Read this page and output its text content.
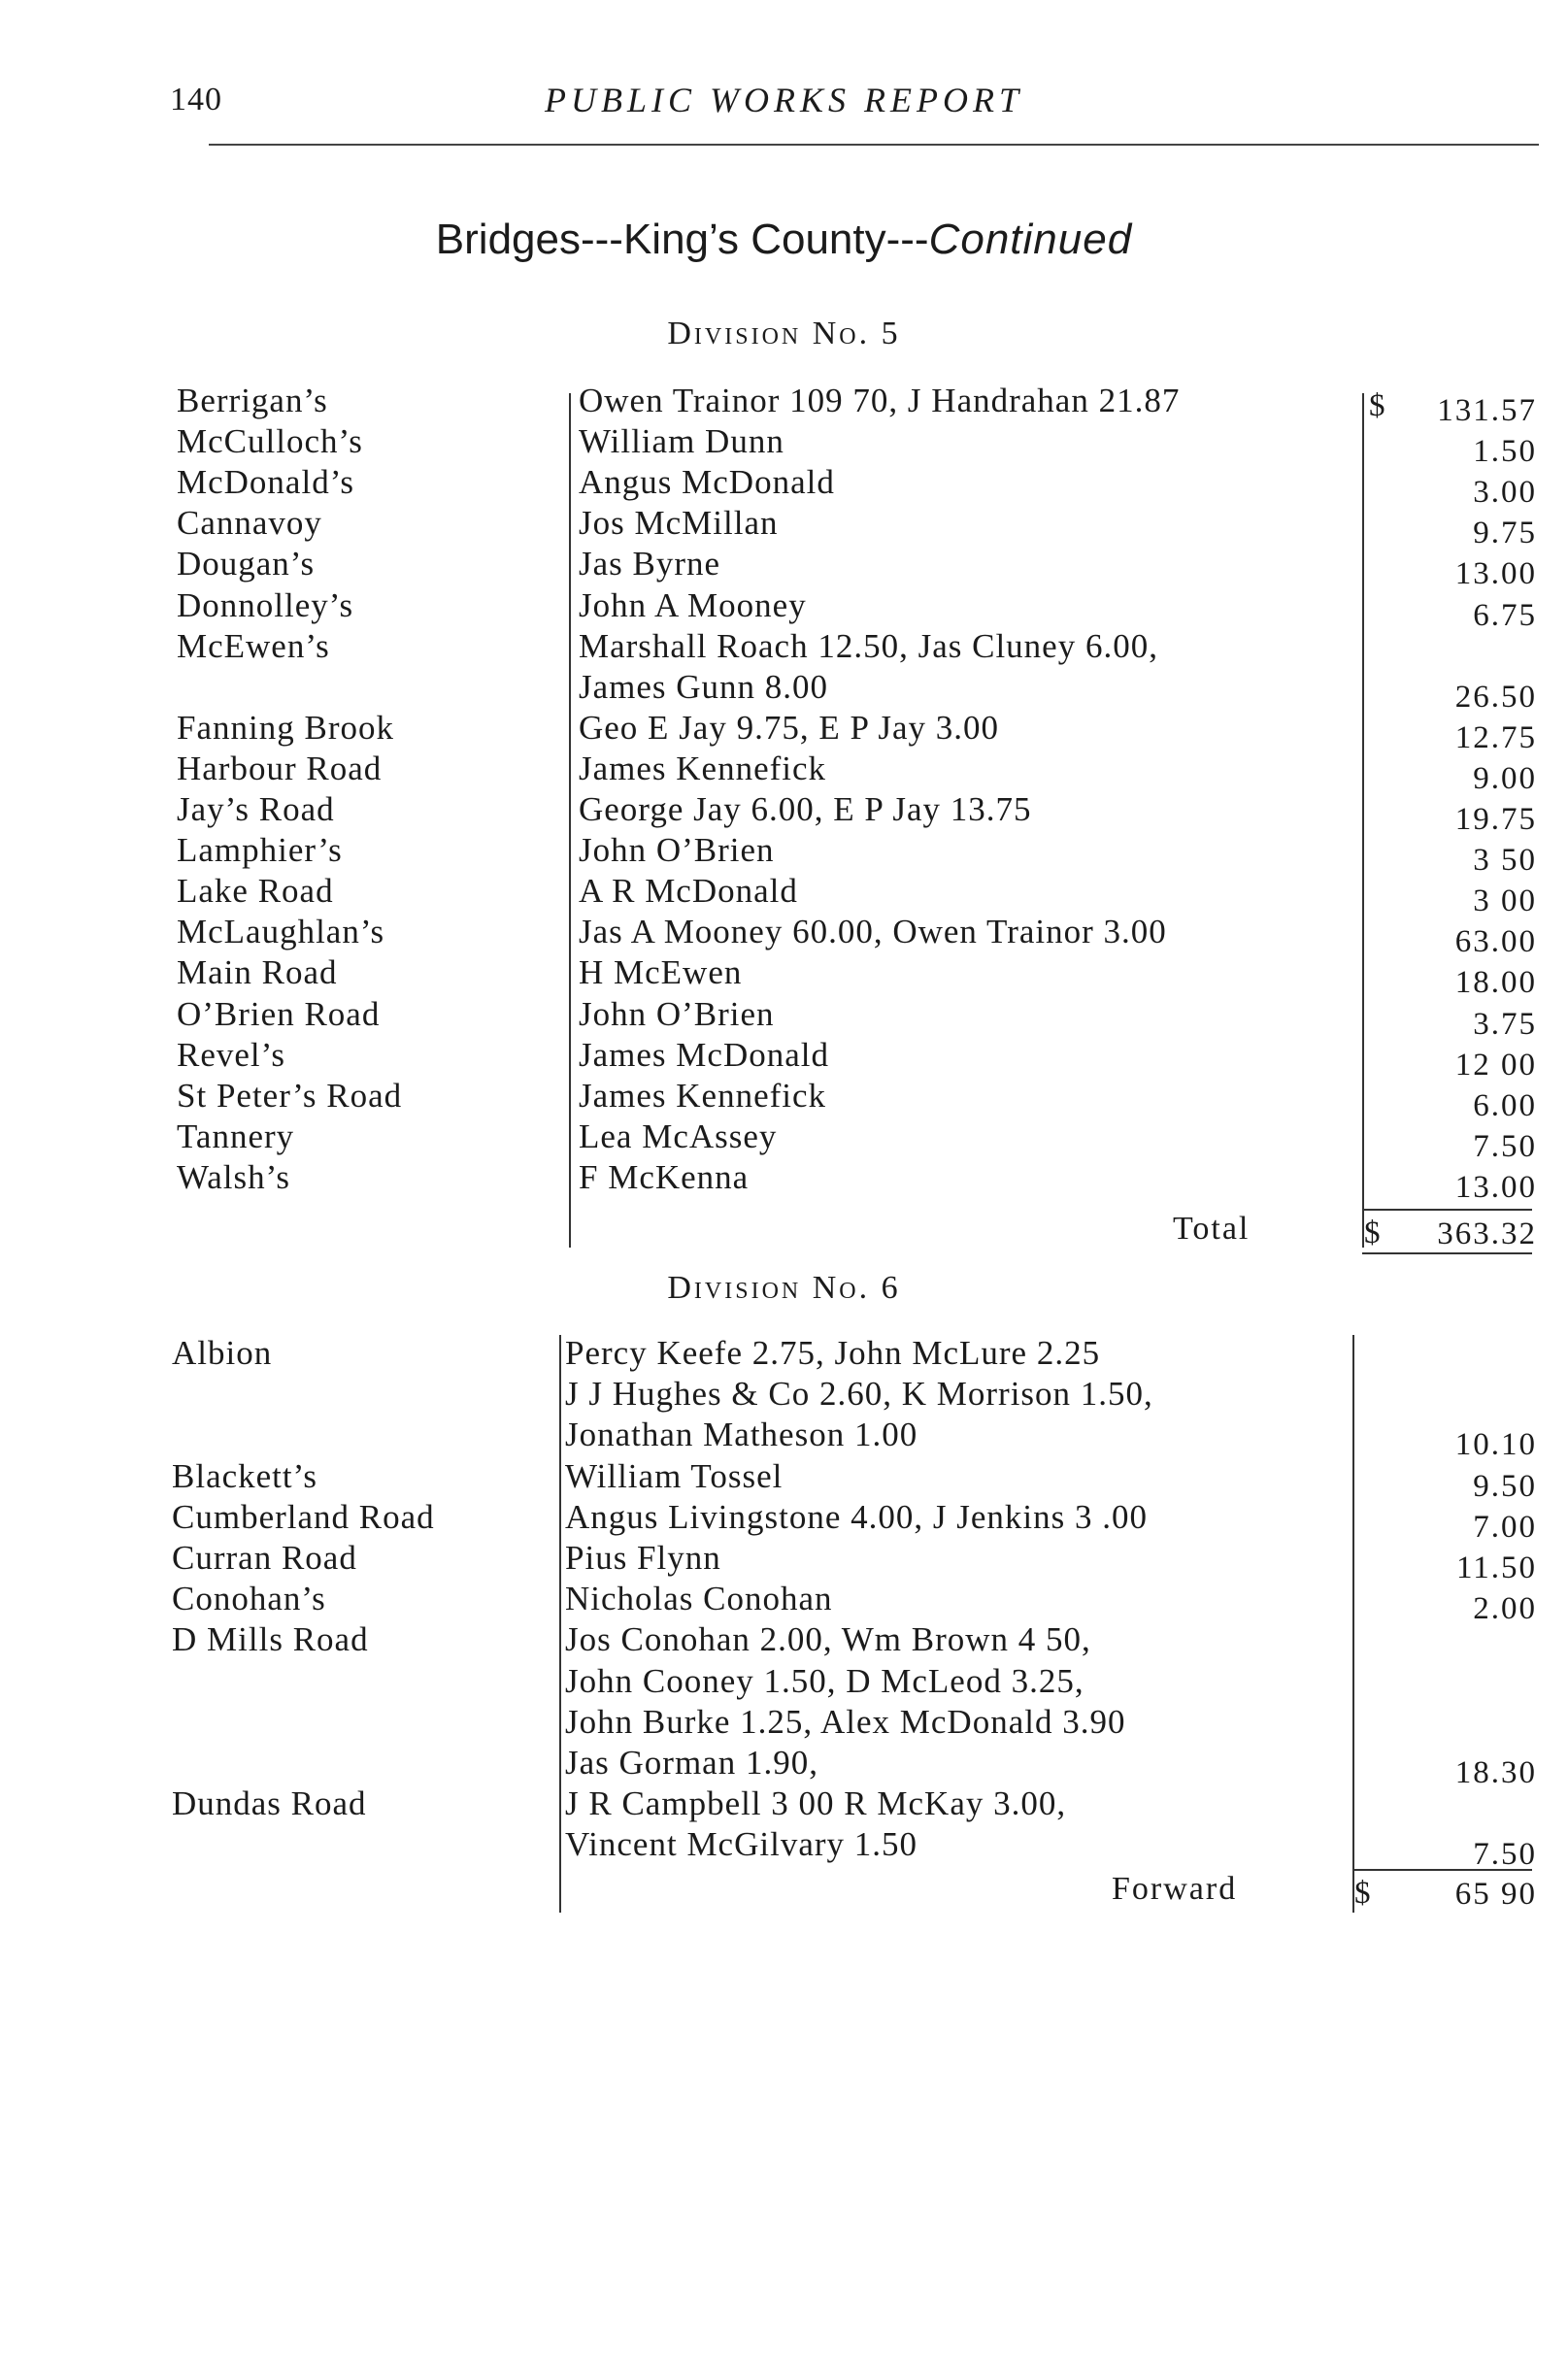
140	PUBLIC WORKS REPORT
Bridges---King’s County---Continued
Division No. 5
Berrigan’s	Owen Trainor 109 70, J Handrahan 21.87	131.57
McCulloch’s	William Dunn	1.50
McDonald’s	Angus McDonald	3.00
Cannavoy	Jos McMillan	9.75
Dougan’s	Jas Byrne	13.00
Donnolley’s	John A Mooney	6.75
McEwen’s	Marshall Roach 12.50, Jas Cluney 6.00,
James Gunn 8.00	26.50
Fanning Brook	Geo E Jay 9.75, E P Jay 3.00	12.75
Harbour Road	James Kennefick	9.00
Jay’s Road	George Jay 6.00, E P Jay 13.75	19.75
Lamphier’s	John O’Brien	3 50
Lake Road	A R McDonald	3 00
McLaughlan’s	Jas A Mooney 60.00, Owen Trainor 3.00	63.00
Main Road	H McEwen	18.00
O’Brien Road	John O’Brien	3.75
Revel’s	James McDonald	12 00
St Peter’s Road	James Kennefick	6.00
Tannery	Lea McAssey	7.50
Walsh’s	F McKenna	13.00
$
Total	$ 363.32
Division No. 6
Albion	Percy Keefe 2.75, John McLure 2.25
J J Hughes & Co 2.60, K Morrison 1.50,
Jonathan Matheson 1.00	10.10
Blackett’s	William Tossel	9.50
Cumberland Road	Angus Livingstone 4.00, J Jenkins 3 .00	7.00
Curran Road	Pius Flynn	11.50
Conohan’s	Nicholas Conohan	2.00
D Mills Road	Jos Conohan 2.00, Wm Brown 4 50,
John Cooney 1.50, D McLeod 3.25,
John Burke 1.25, Alex McDonald 3.90
Jas Gorman 1.90,	18.30
Dundas Road	J R Campbell 3 00 R McKay 3.00,
Vincent McGilvary 1.50	7.50
Forward	$	65 90
